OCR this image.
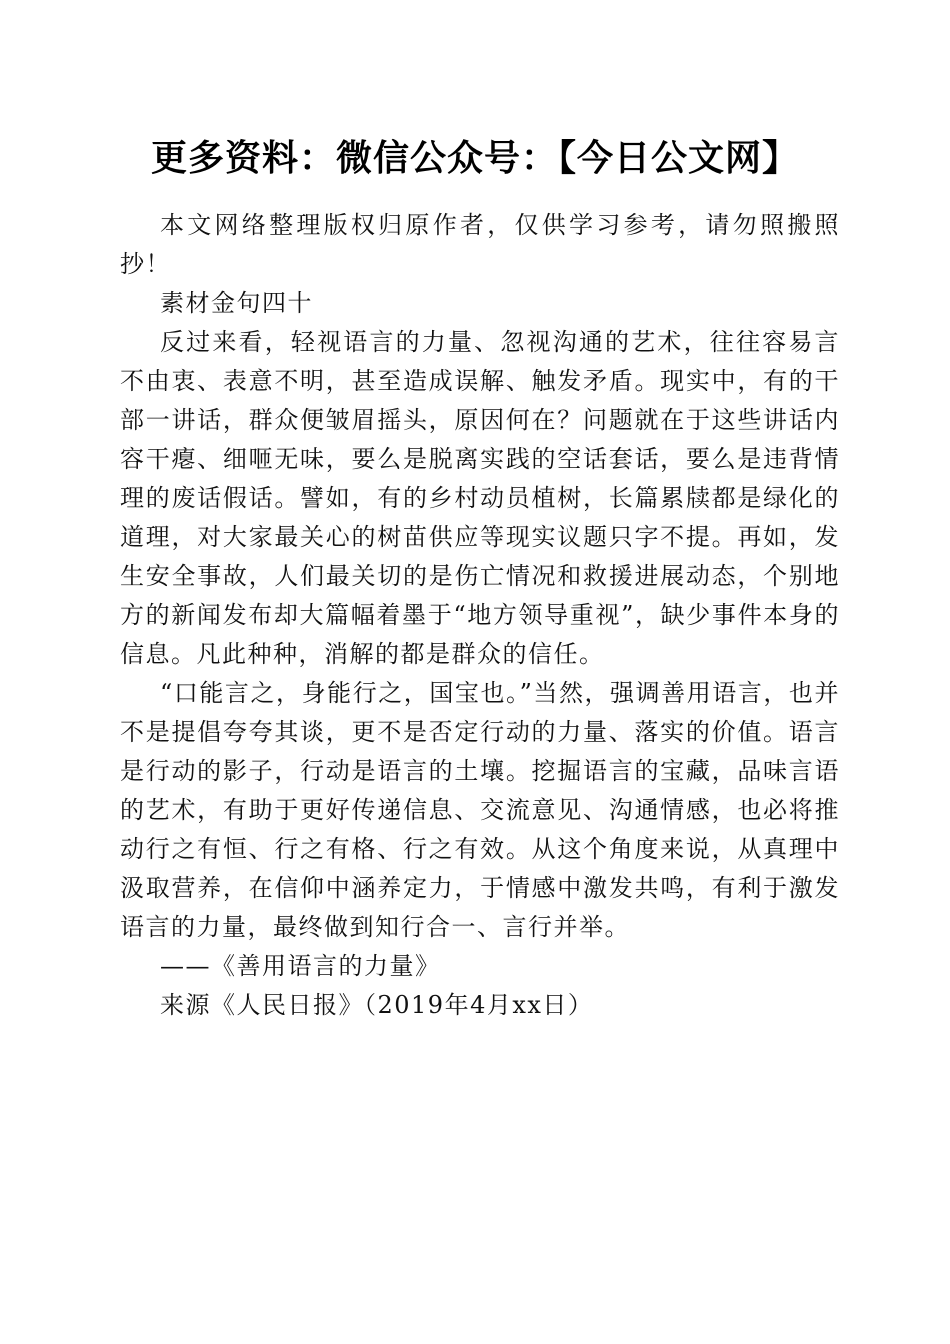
更多资料：微信公众号：【今日公文网】

本文网络整理版权归原作者，仅供学习参考，请勿照搬照抄！

素材金句四十

反过来看，轻视语言的力量、忽视沟通的艺术，往往容易言不由衷、表意不明，甚至造成误解、触发矛盾。现实中，有的干部一讲话，群众便皱眉摇头，原因何在？问题就在于这些讲话内容干瘪、细咂无味，要么是脱离实践的空话套话，要么是违背情理的废话假话。譬如，有的乡村动员植树，长篇累牍都是绿化的道理，对大家最关心的树苗供应等现实议题只字不提。再如，发生安全事故，人们最关切的是伤亡情况和救援进展动态，个别地方的新闻发布却大篇幅着墨于“地方领导重视”，缺少事件本身的信息。凡此种种，消解的都是群众的信任。

“口能言之，身能行之，国宝也。”当然，强调善用语言，也并不是提倡夸夸其谈，更不是否定行动的力量、落实的价值。语言是行动的影子，行动是语言的土壤。挖掘语言的宝藏，品味言语的艺术，有助于更好传递信息、交流意见、沟通情感，也必将推动行之有恒、行之有格、行之有效。从这个角度来说，从真理中汲取营养，在信仰中涵养定力，于情感中激发共鸣，有利于激发语言的力量，最终做到知行合一、言行并举。

——《善用语言的力量》

来源《人民日报》（2019年4月xx日）
